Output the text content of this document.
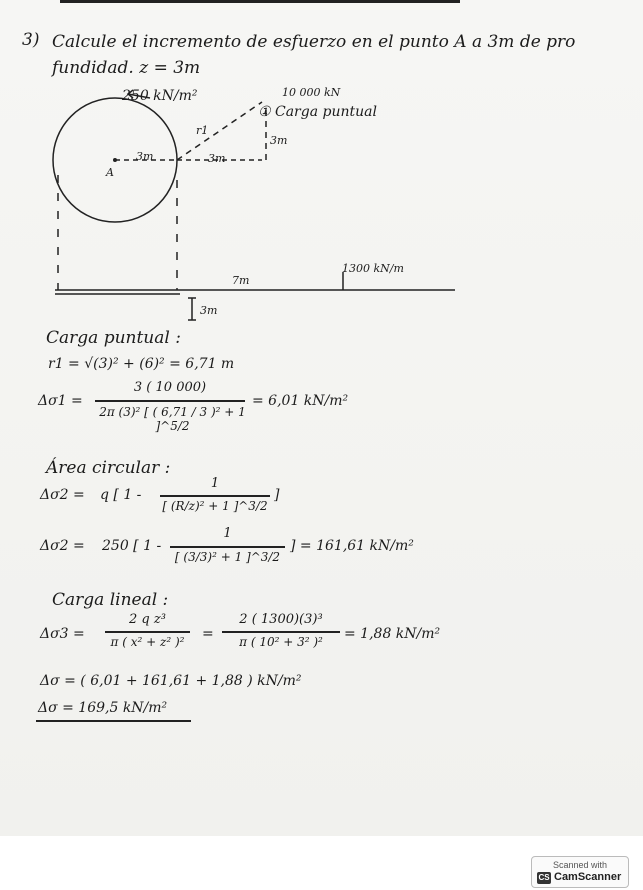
3) Calcule el incremento de esfuerzo en el punto A a 3m de pro
fundidad. z = 3m
250 kN/m²	10 000 kN
① Carga puntual
r1
3m
3m	3m
A
1300 kN/m
7m
3m
Carga puntual :
r1 = √(3)² + (6)² = 6,71 m
Δσ1 =
3 ( 10 000)
2π (3)² [ ( 6,71 / 3 )² + 1 ]^5/2
= 6,01 kN/m²
Área circular :
Δσ2 = q [ 1 -
1
[ (R/z)² + 1 ]^3/2
]
Δσ2 = 250 [ 1 -
1
[ (3/3)² + 1 ]^3/2
] = 161,61 kN/m²
Carga lineal :
Δσ3 =
2 q z³
π ( x² + z² )²	=
2 ( 1300)(3)³
π ( 10² + 3² )²	= 1,88 kN/m²
Δσ = ( 6,01 + 161,61 + 1,88 ) kN/m²
Δσ = 169,5 kN/m²
Scanned with
CS CamScanner
